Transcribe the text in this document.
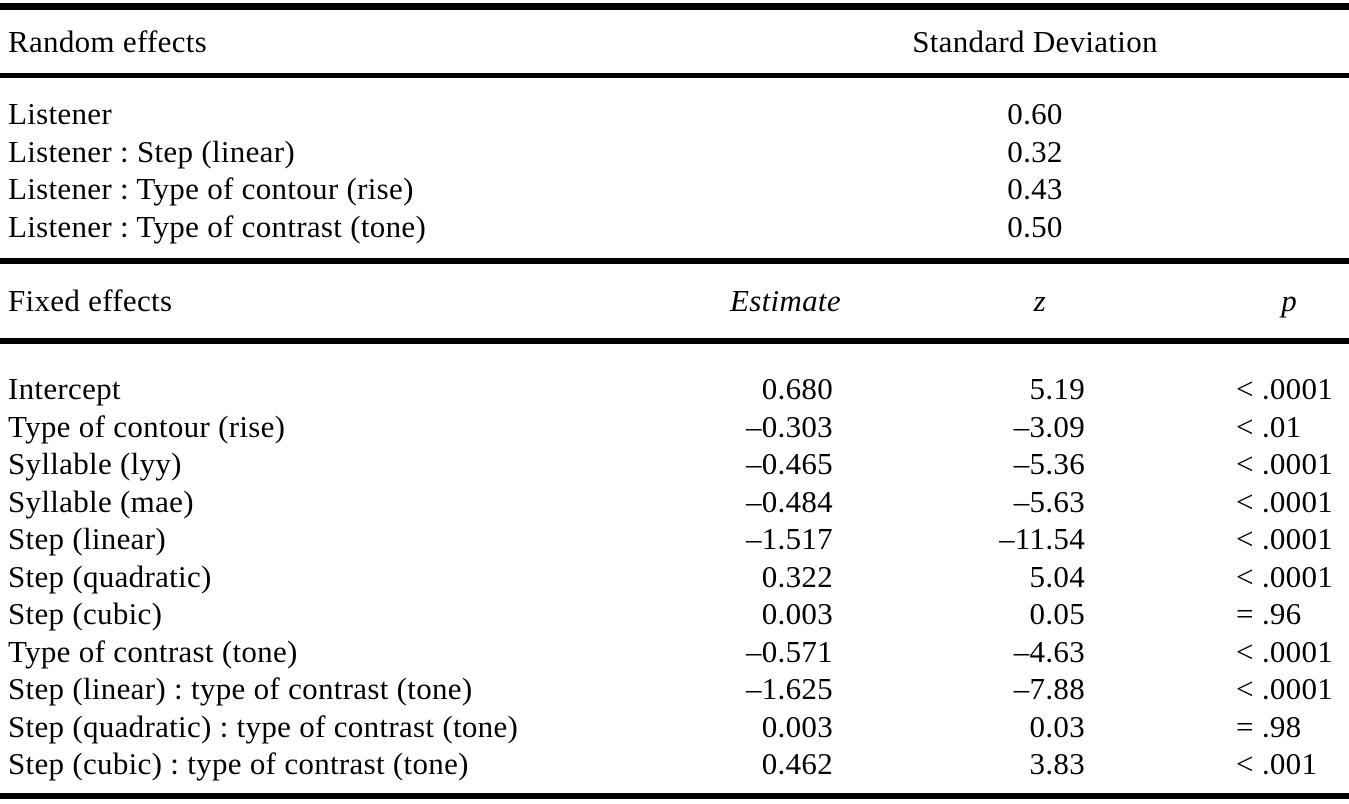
Random effects	Standard Deviation
Listener	0.60
Listener : Step (linear)	0.32
Listener : Type of contour (rise)	0.43
Listener : Type of contrast (tone)	0.50
Fixed effects	Estimate	z	p
Intercept	0.680	5.19	< .0001
Type of contour (rise)	–0.303	–3.09	< .01
Syllable (lyy)	–0.465	–5.36	< .0001
Syllable (mae)	–0.484	–5.63	< .0001
Step (linear)	–1.517	–11.54	< .0001
Step (quadratic)	0.322	5.04	< .0001
Step (cubic)	0.003	0.05	= .96
Type of contrast (tone)	–0.571	–4.63	< .0001
Step (linear) : type of contrast (tone)	–1.625	–7.88	< .0001
Step (quadratic) : type of contrast (tone)	0.003	0.03	= .98
Step (cubic) : type of contrast (tone)	0.462	3.83	< .001
